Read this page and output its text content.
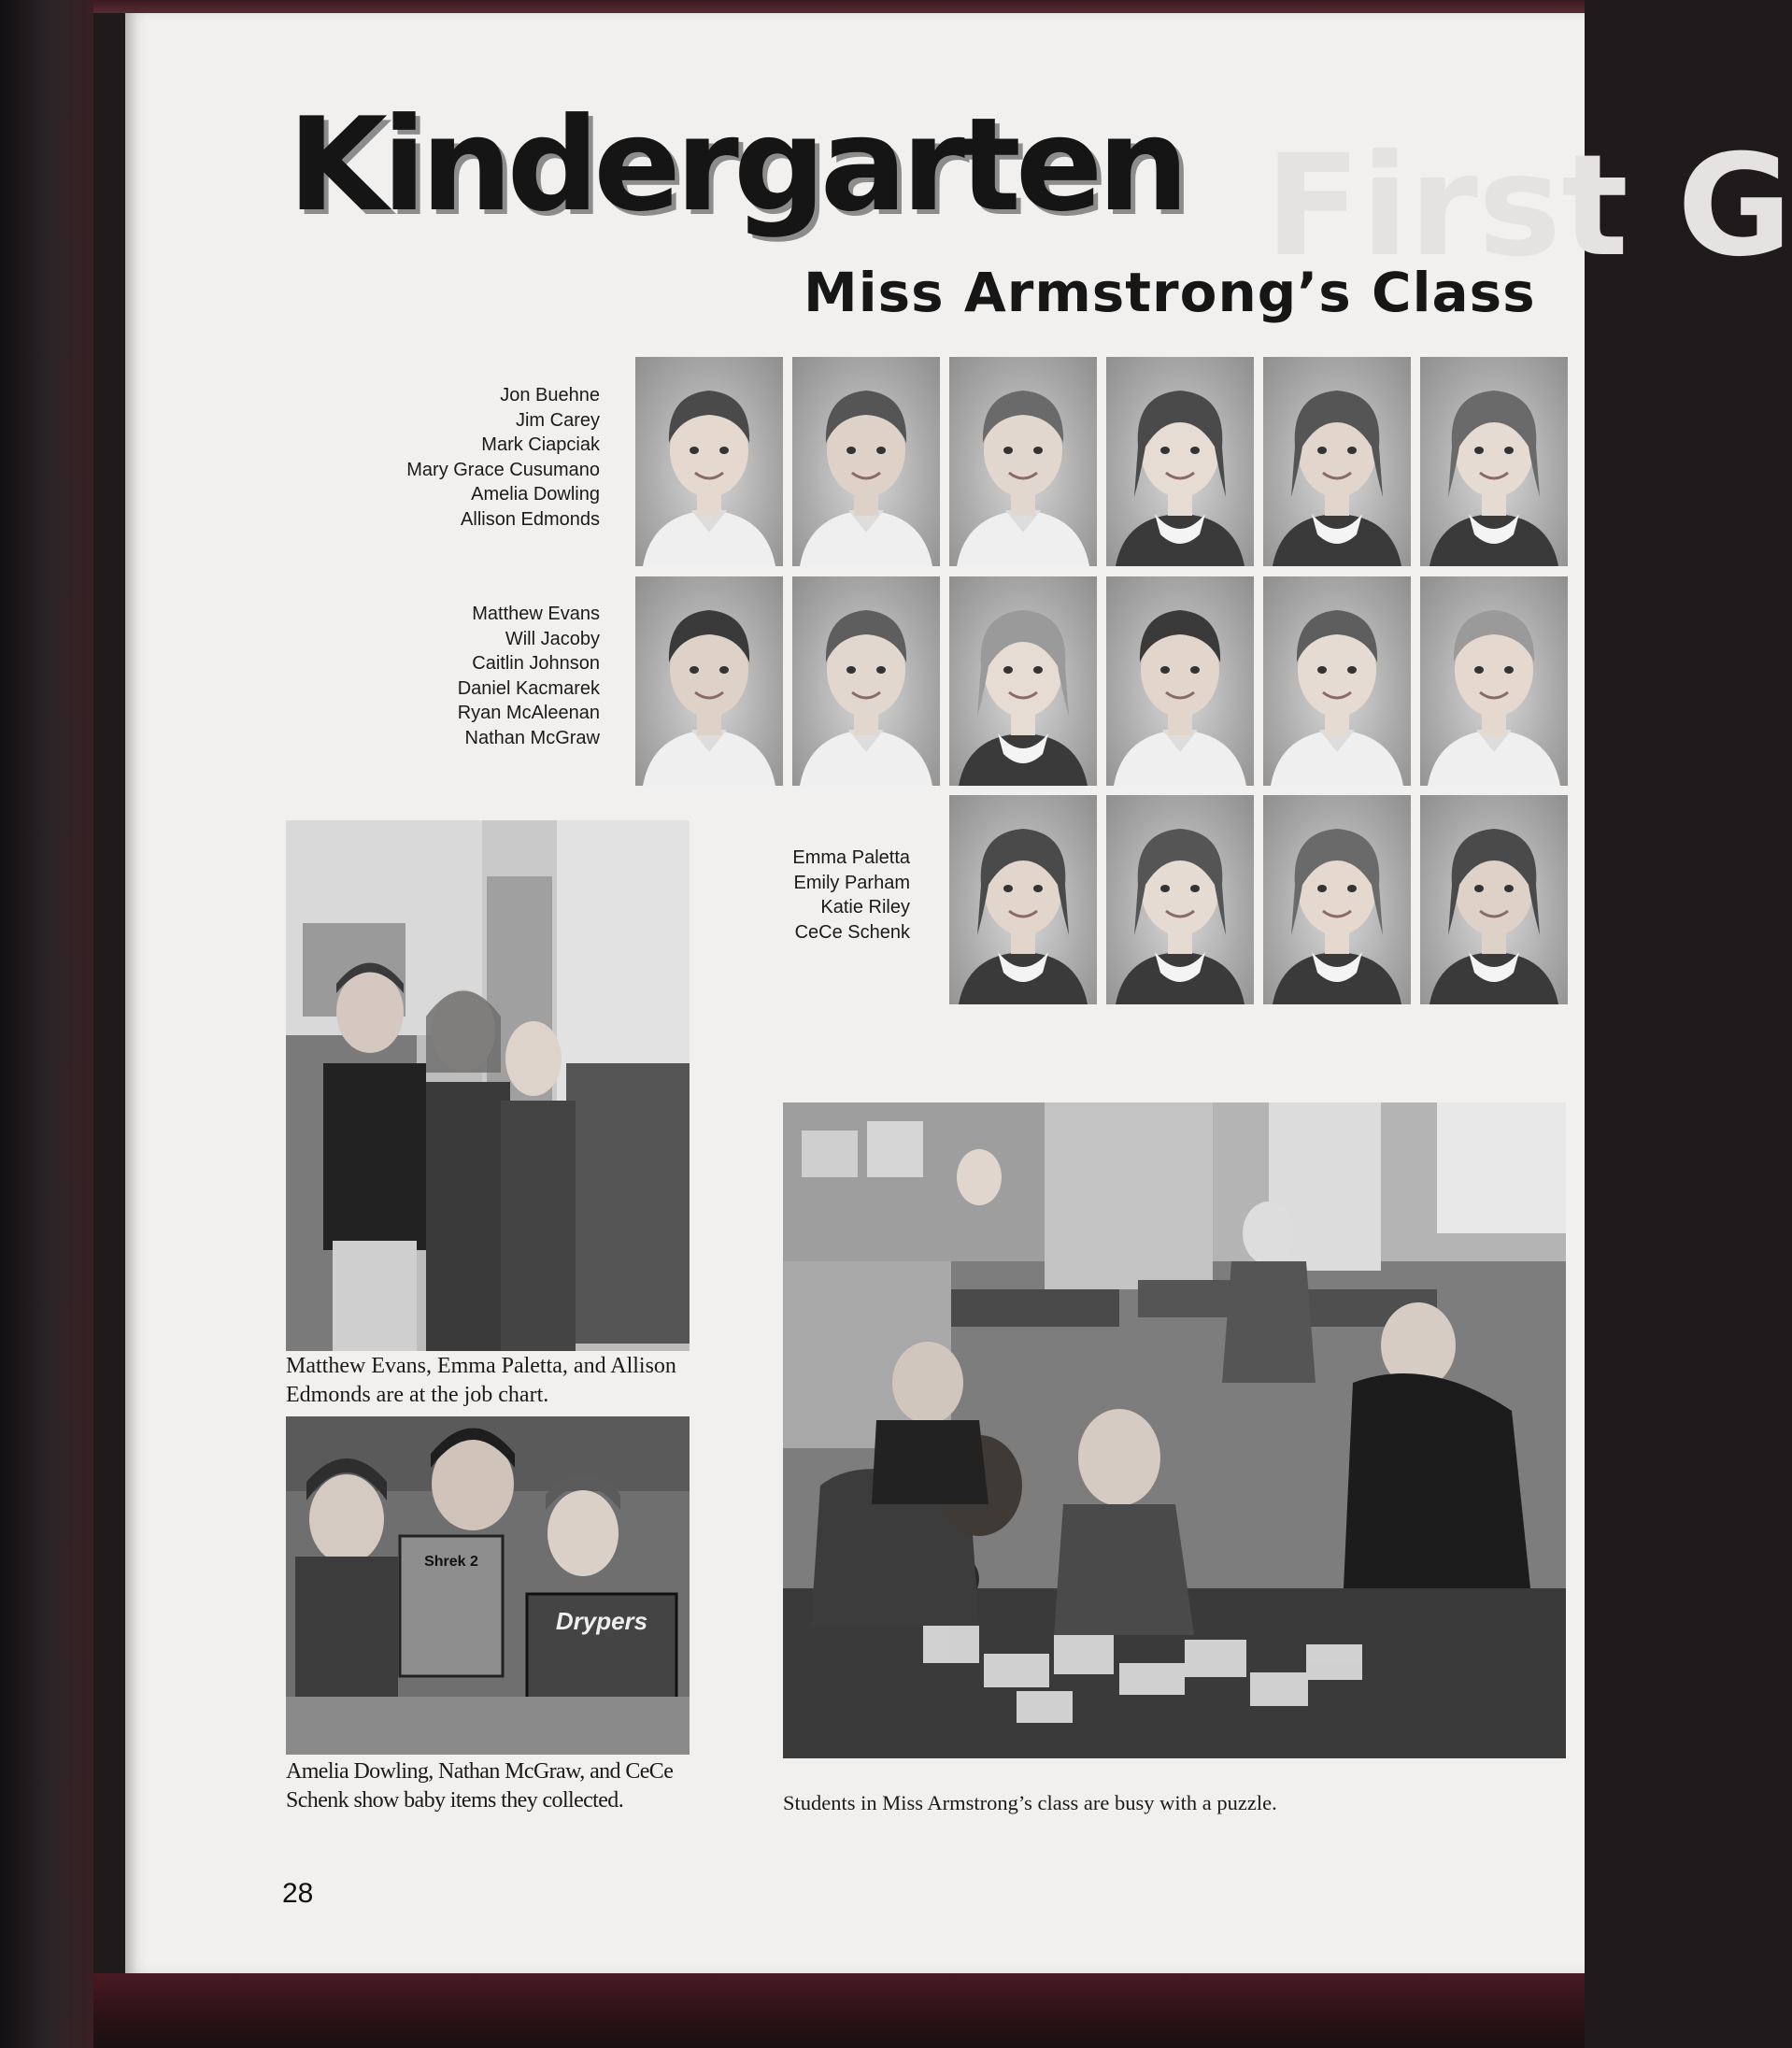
First G
Kindergarten
Miss Armstrong’s Class
Jon Buehne
Jim Carey
Mark Ciapciak
Mary Grace Cusumano
Amelia Dowling
Allison Edmonds
Matthew Evans
Will Jacoby
Caitlin Johnson
Daniel Kacmarek
Ryan McAleenan
Nathan McGraw
Emma Paletta
Emily Parham
Katie Riley
CeCe Schenk
Matthew Evans, Emma Paletta, and Allison Edmonds are at the job chart.
Shrek 2
Drypers
Amelia Dowling, Nathan McGraw, and CeCe Schenk show baby items they collected.	Students in Miss Armstrong’s class are busy with a puzzle.
28
